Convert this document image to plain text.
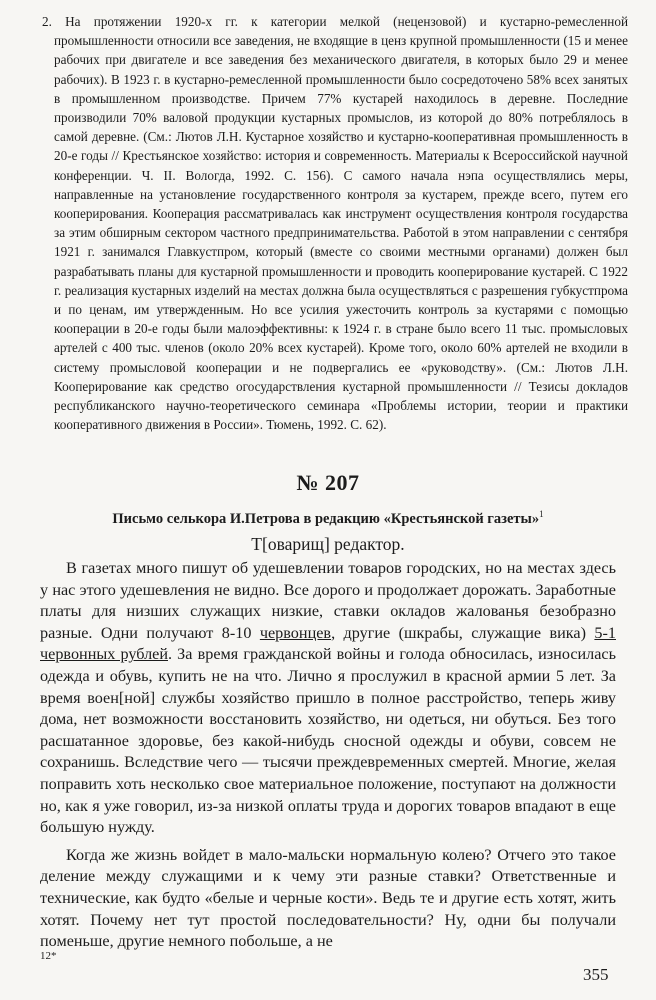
2. На протяжении 1920-х гг. к категории мелкой (нецензовой) и кустарно-ремесленной промышленности относили все заведения, не входящие в ценз крупной промышленности (15 и менее рабочих при двигателе и все заведения без механического двигателя, в которых было 29 и менее рабочих). В 1923 г. в кустарно-ремесленной промышленности было сосредоточено 58% всех занятых в промышленном производстве. Причем 77% кустарей находилось в деревне. Последние производили 70% валовой продукции кустарных промыслов, из которой до 80% потреблялось в самой деревне. (См.: Лютов Л.Н. Кустарное хозяйство и кустарно-кооперативная промышленность в 20-е годы // Крестьянское хозяйство: история и современность. Материалы к Всероссийской научной конференции. Ч. II. Вологда, 1992. С. 156). С самого начала нэпа осуществлялись меры, направленные на установление государственного контроля за кустарем, прежде всего, путем его кооперирования. Кооперация рассматривалась как инструмент осуществления контроля государства за этим обширным сектором частного предпринимательства. Работой в этом направлении с сентября 1921 г. занимался Главкустпром, который (вместе со своими местными органами) должен был разрабатывать планы для кустарной промышленности и проводить кооперирование кустарей. С 1922 г. реализация кустарных изделий на местах должна была осуществляться с разрешения губкустпрома и по ценам, им утвержденным. Но все усилия ужесточить контроль за кустарями с помощью кооперации в 20-е годы были малоэффективны: к 1924 г. в стране было всего 11 тыс. промысловых артелей с 400 тыс. членов (около 20% всех кустарей). Кроме того, около 60% артелей не входили в систему промысловой кооперации и не подвергались ее «руководству». (См.: Лютов Л.Н. Кооперирование как средство огосударствления кустарной промышленности // Тезисы докладов республиканского научно-теоретического семинара «Проблемы истории, теории и практики кооперативного движения в России». Тюмень, 1992. С. 62).

№ 207
Письмо селькора И.Петрова в редакцию «Крестьянской газеты»$^1$

Т[оварищ] редактор.

В газетах много пишут об удешевлении товаров городских, но на местах здесь у нас этого удешевления не видно. Все дорого и продолжает дорожать. Заработные платы для низших служащих низкие, ставки окладов жалованья безобразно разные. Одни получают 8-10 червонцев, другие (шкрабы, служащие вика) 5-1 червонных рублей. За время гражданской войны и голода обносилась, износилась одежда и обувь, купить не на что. Лично я прослужил в красной армии 5 лет. За время воен[ной] службы хозяйство пришло в полное расстройство, теперь живу дома, нет возможности восстановить хозяйство, ни одеться, ни обуться. Без того расшатанное здоровье, без какой-нибудь сносной одежды и обуви, совсем не сохранишь. Вследствие чего — тысячи преждевременных смертей. Многие, желая поправить хоть несколько свое материальное положение, поступают на должности но, как я уже говорил, из-за низкой оплаты труда и дорогих товаров впадают в еще большую нужду.

Когда же жизнь войдет в мало-мальски нормальную колею? Отчего это такое деление между служащими и к чему эти разные ставки? Ответственные и технические, как будто «белые и черные кости». Ведь те и другие есть хотят, жить хотят. Почему нет тут простой последовательности? Ну, одни бы получали поменьше, другие немного побольше, а не

12*

355
